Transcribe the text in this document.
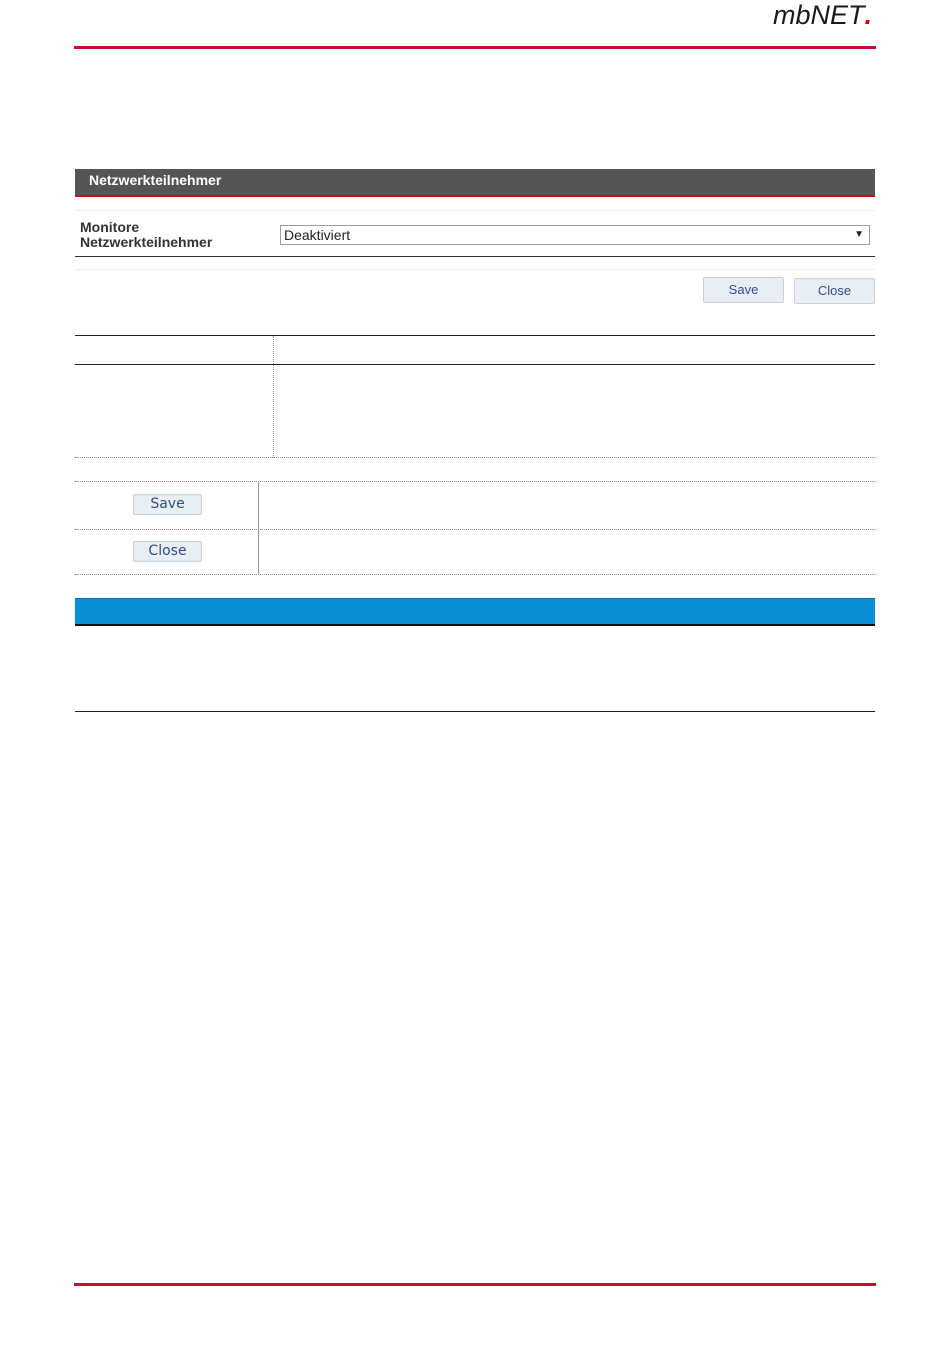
mbNET.
Netzwerkteilnehmer
Monitore
Netzwerkteilnehmer	Deaktiviert	▼
Save	Close
Save
Close
